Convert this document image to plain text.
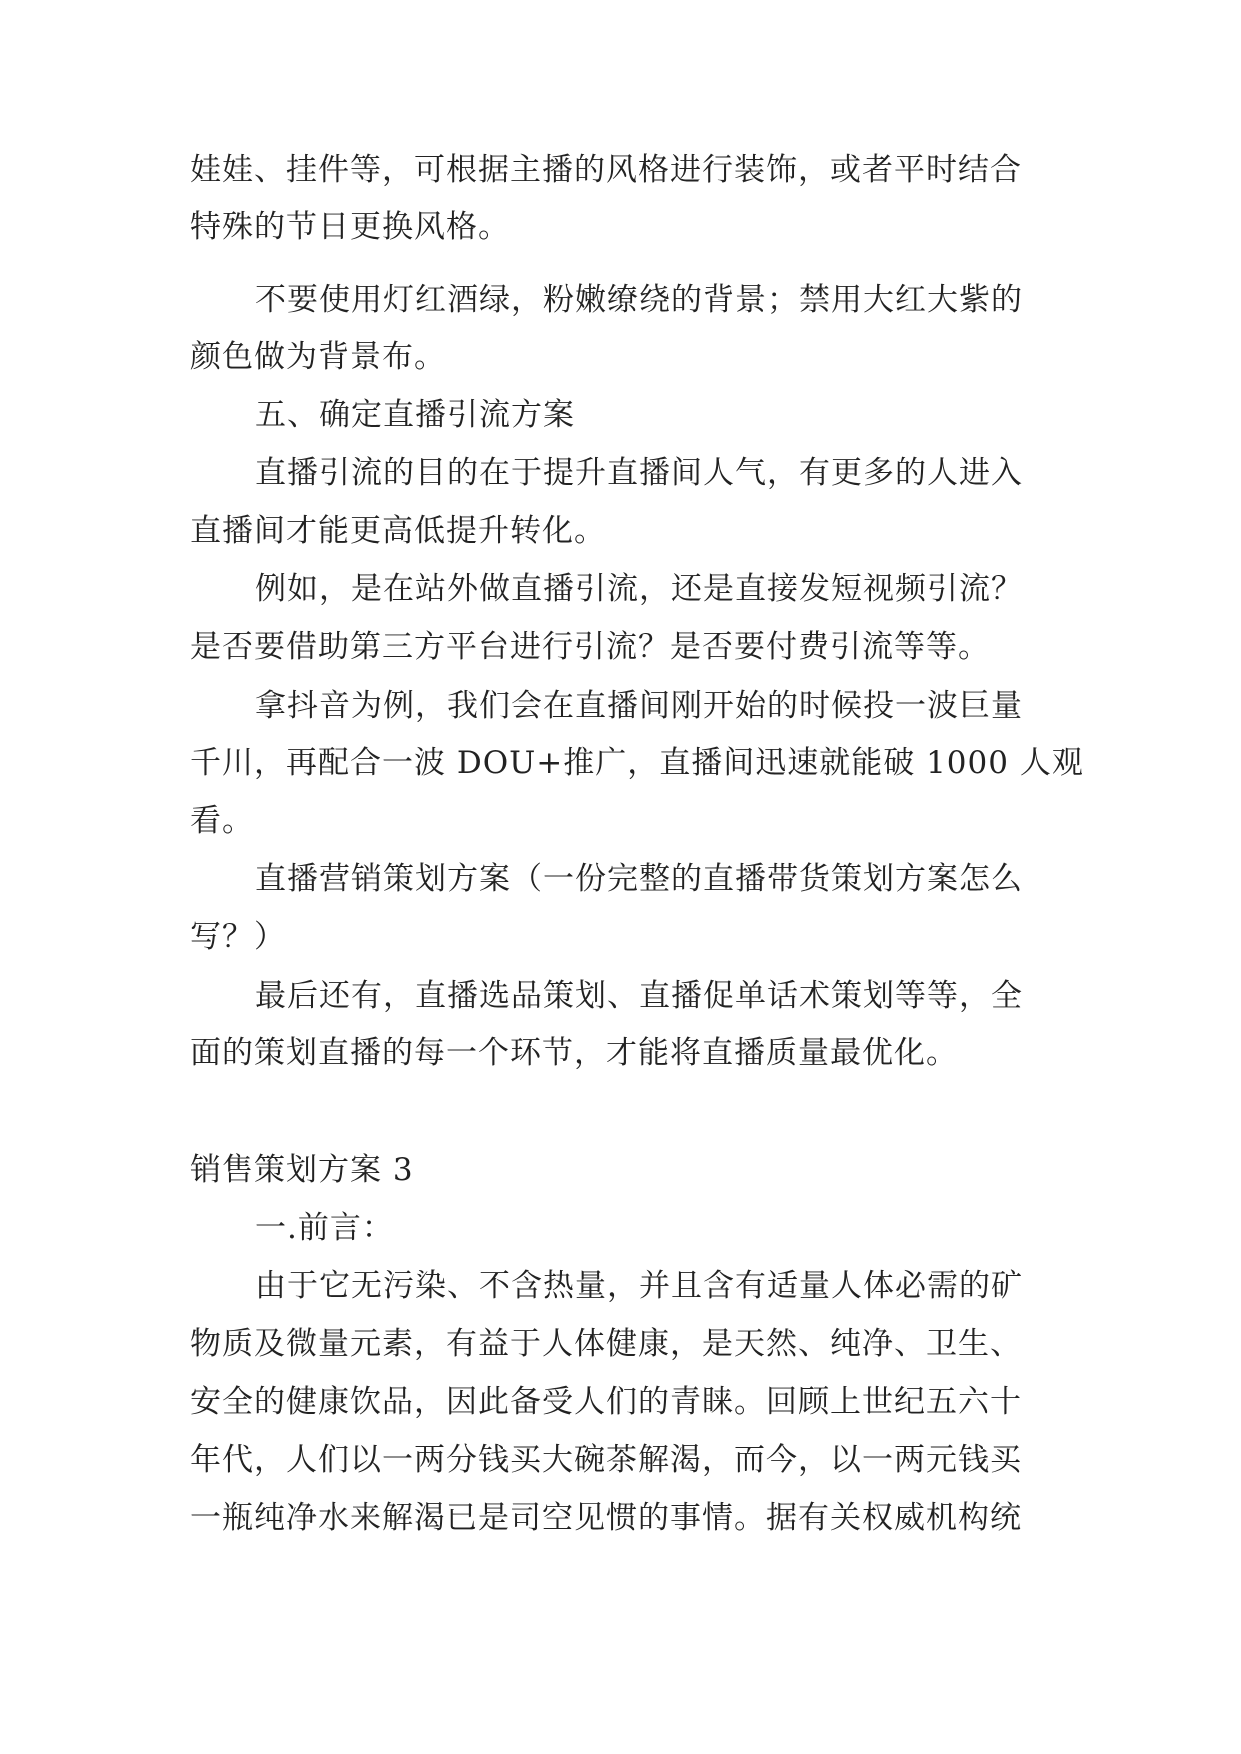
娃娃、挂件等，可根据主播的风格进行装饰，或者平时结合
特殊的节日更换风格。
不要使用灯红酒绿，粉嫩缭绕的背景；禁用大红大紫的
颜色做为背景布。
五、确定直播引流方案
直播引流的目的在于提升直播间人气，有更多的人进入
直播间才能更高低提升转化。
例如，是在站外做直播引流，还是直接发短视频引流？
是否要借助第三方平台进行引流？是否要付费引流等等。
拿抖音为例，我们会在直播间刚开始的时候投一波巨量
千川，再配合一波 DOU+推广，直播间迅速就能破 1000 人观
看。
直播营销策划方案（一份完整的直播带货策划方案怎么
写？）
最后还有，直播选品策划、直播促单话术策划等等，全
面的策划直播的每一个环节，才能将直播质量最优化。
销售策划方案 3
一.前言：
由于它无污染、不含热量，并且含有适量人体必需的矿
物质及微量元素，有益于人体健康，是天然、纯净、卫生、
安全的健康饮品，因此备受人们的青睐。回顾上世纪五六十
年代，人们以一两分钱买大碗茶解渴，而今，以一两元钱买
一瓶纯净水来解渴已是司空见惯的事情。据有关权威机构统
